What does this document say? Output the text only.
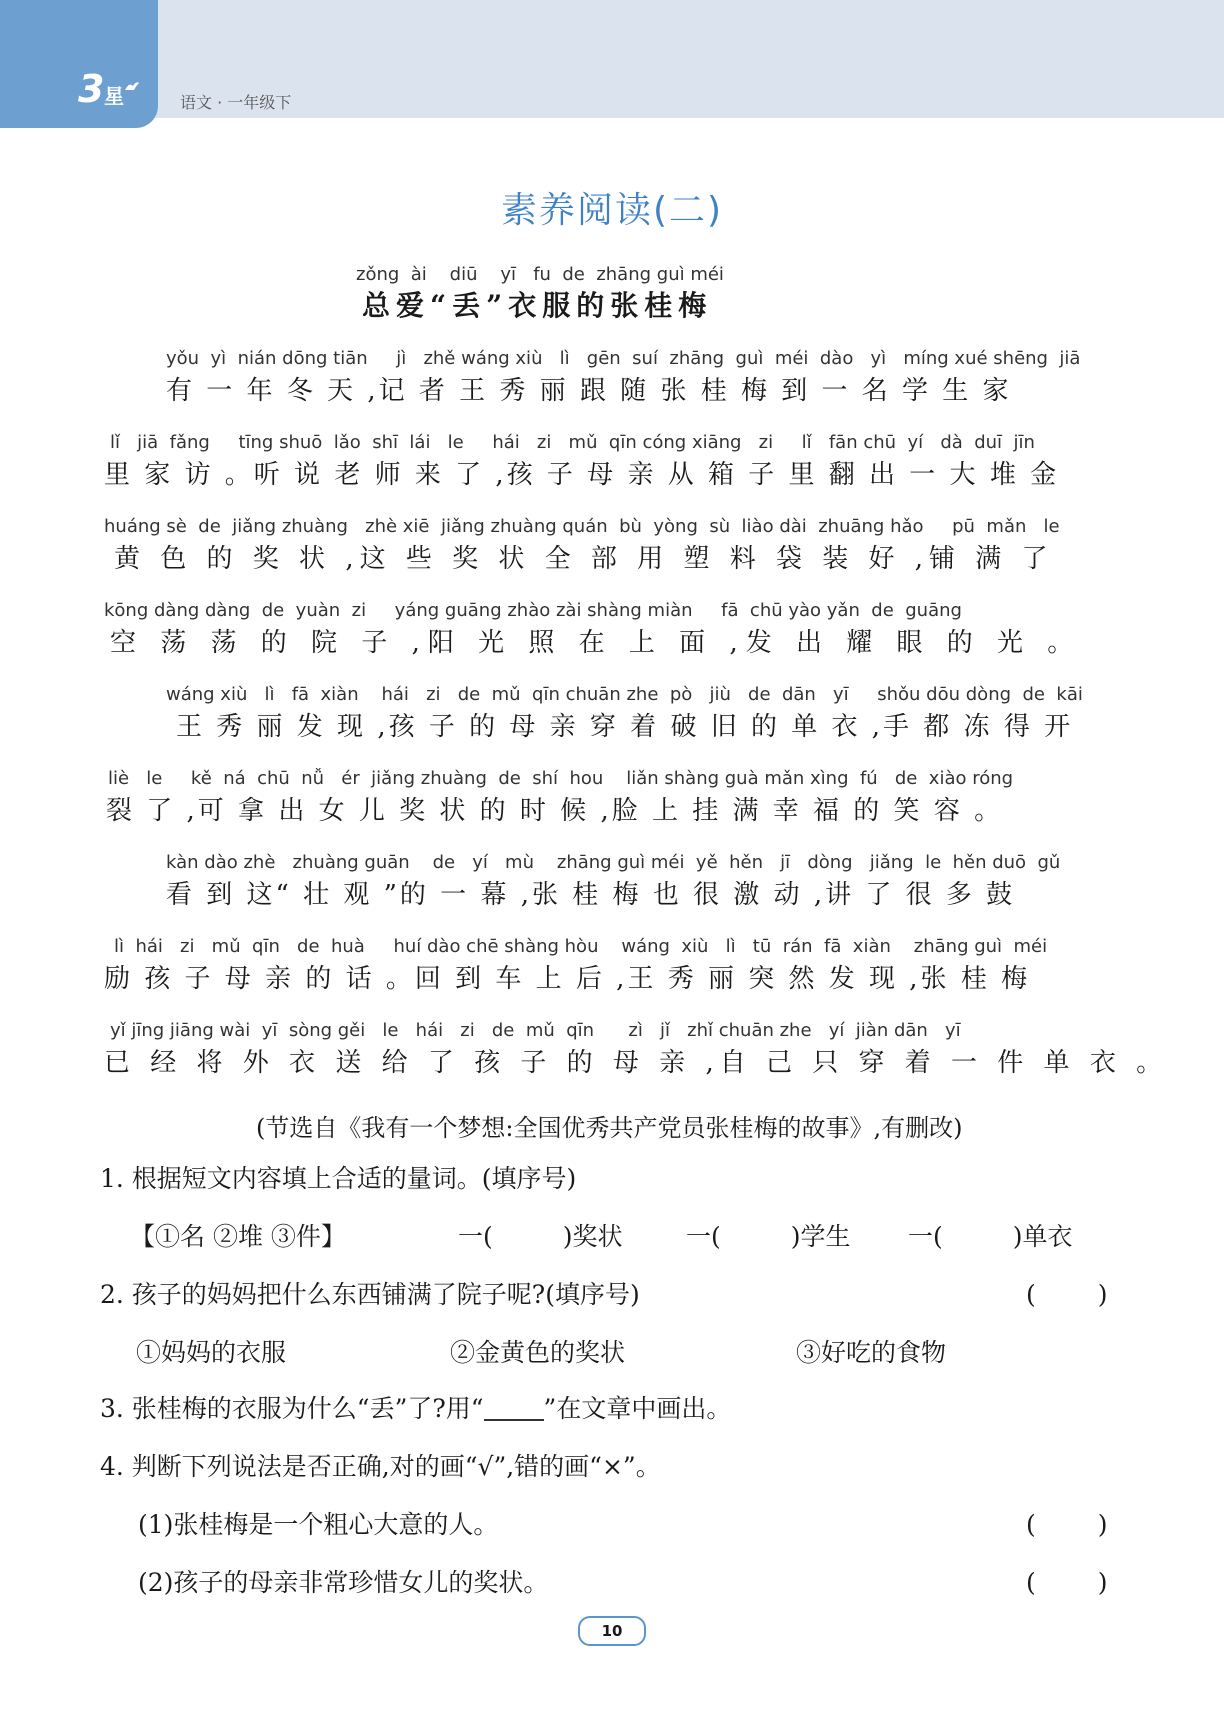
3 星	语文 · 一年级下
素养阅读(二)
zǒng  ài    diū    yī   fu  de  zhāng guì méi
总爱“丢”衣服的张桂梅
yǒu  yì  nián dōng tiān     jì   zhě wáng xiù   lì   gēn  suí  zhāng  guì  méi  dào   yì   míng xué shēng  jiā
有 一 年 冬 天 ,记 者 王 秀 丽 跟 随 张 桂 梅 到 一 名 学 生 家
lǐ   jiā  fǎng     tīng shuō  lǎo  shī  lái   le     hái   zi   mǔ  qīn cóng xiāng   zi     lǐ   fān chū  yí   dà  duī  jīn
里 家 访 。听 说 老 师 来 了 ,孩 子 母 亲 从 箱 子 里 翻 出 一 大 堆 金
huáng sè  de  jiǎng zhuàng   zhè xiē  jiǎng zhuàng quán  bù  yòng  sù  liào dài  zhuāng hǎo     pū  mǎn   le
黄 色 的 奖 状 ,这 些 奖 状 全 部 用 塑 料 袋 装 好 ,铺 满 了
kōng dàng dàng  de  yuàn  zi     yáng guāng zhào zài shàng miàn     fā  chū yào yǎn  de  guāng
空 荡 荡 的 院 子 ,阳 光 照 在 上 面 ,发 出 耀 眼 的 光 。
wáng xiù   lì   fā  xiàn    hái   zi   de  mǔ  qīn chuān zhe  pò   jiù   de  dān   yī     shǒu dōu dòng  de  kāi
王 秀 丽 发 现 ,孩 子 的 母 亲 穿 着 破 旧 的 单 衣 ,手 都 冻 得 开
liè   le     kě  ná  chū  nǚ   ér  jiǎng zhuàng  de  shí  hou    liǎn shàng guà mǎn xìng  fú   de  xiào róng
裂 了 ,可 拿 出 女 儿 奖 状 的 时 候 ,脸 上 挂 满 幸 福 的 笑 容 。
kàn dào zhè   zhuàng guān    de   yí   mù    zhāng guì méi  yě  hěn   jī   dòng   jiǎng  le  hěn duō  gǔ
看 到 这“ 壮 观 ”的 一 幕 ,张 桂 梅 也 很 激 动 ,讲 了 很 多 鼓
lì  hái   zi   mǔ  qīn   de  huà     huí dào chē shàng hòu    wáng  xiù   lì   tū  rán  fā  xiàn    zhāng guì  méi
励 孩 子 母 亲 的 话 。回 到 车 上 后 ,王 秀 丽 突 然 发 现 ,张 桂 梅
yǐ jīng jiāng wài  yī  sòng gěi   le   hái   zi   de  mǔ  qīn      zì   jǐ   zhǐ chuān zhe   yí  jiàn dān   yī
已 经 将 外 衣 送 给 了 孩 子 的 母 亲 ,自 己 只 穿 着 一 件 单 衣 。
(节选自《我有一个梦想:全国优秀共产党员张桂梅的故事》,有删改)
1. 根据短文内容填上合适的量词。(填序号)
【①名 ②堆 ③件】	一(	)奖状	一(	)学生 一(	)单衣
2. 孩子的妈妈把什么东西铺满了院子呢?(填序号)	( )
①妈妈的衣服	②金黄色的奖状	③好吃的食物
3. 张桂梅的衣服为什么“丢”了?用“ ”在文章中画出。
4. 判断下列说法是否正确,对的画“√”,错的画“×”。
(1)张桂梅是一个粗心大意的人。	( )
(2)孩子的母亲非常珍惜女儿的奖状。	( )
10
